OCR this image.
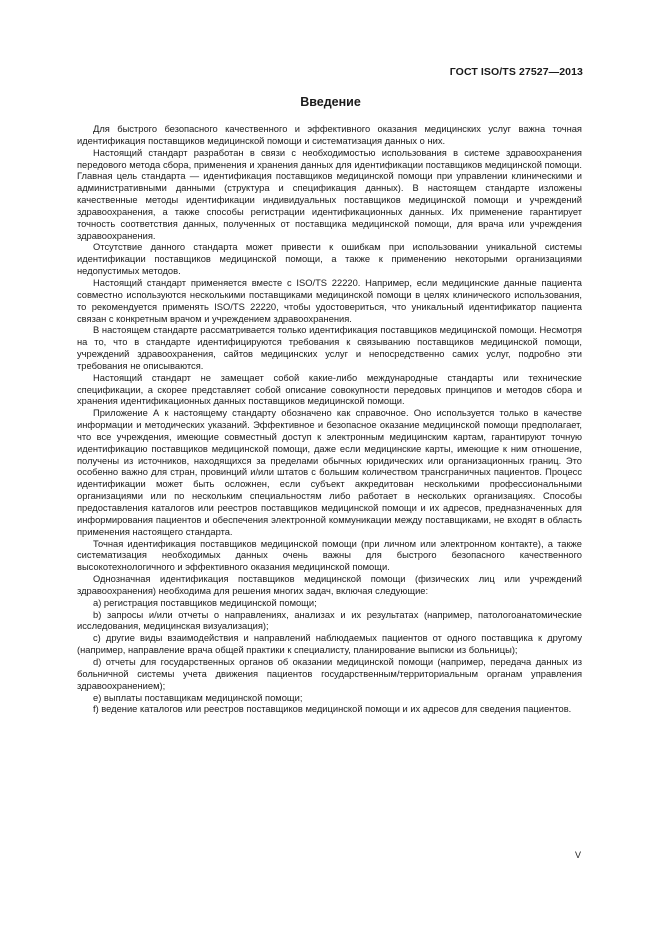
ГОСТ ISO/TS 27527—2013
Введение

Для быстрого безопасного качественного и эффективного оказания медицинских услуг важна точная идентификация поставщиков медицинской помощи и систематизация данных о них.

Настоящий стандарт разработан в связи с необходимостью использования в системе здравоохранения передового метода сбора, применения и хранения данных для идентификации поставщиков медицинской помощи. Главная цель стандарта — идентификация поставщиков медицинской помощи при управлении клиническими и административными данными (структура и спецификация данных). В настоящем стандарте изложены качественные методы идентификации индивидуальных поставщиков медицинской помощи и учреждений здравоохранения, а также способы регистрации идентификационных данных. Их применение гарантирует точность соответствия данных, полученных от поставщика медицинской помощи, для врача или учреждения здравоохранения.

Отсутствие данного стандарта может привести к ошибкам при использовании уникальной системы идентификации поставщиков медицинской помощи, а также к применению некоторыми организациями недопустимых методов.

Настоящий стандарт применяется вместе с ISO/TS 22220. Например, если медицинские данные пациента совместно используются несколькими поставщиками медицинской помощи в целях клинического использования, то рекомендуется применять ISO/TS 22220, чтобы удостовериться, что уникальный идентификатор пациента связан с конкретным врачом и учреждением здравоохранения.

В настоящем стандарте рассматривается только идентификация поставщиков медицинской помощи. Несмотря на то, что в стандарте идентифицируются требования к связыванию поставщиков медицинской помощи, учреждений здравоохранения, сайтов медицинских услуг и непосредственно самих услуг, подробно эти требования не описываются.

Настоящий стандарт не замещает собой какие-либо международные стандарты или технические спецификации, а скорее представляет собой описание совокупности передовых принципов и методов сбора и хранения идентификационных данных поставщиков медицинской помощи.

Приложение А к настоящему стандарту обозначено как справочное. Оно используется только в качестве информации и методических указаний. Эффективное и безопасное оказание медицинской помощи предполагает, что все учреждения, имеющие совместный доступ к электронным медицинским картам, гарантируют точную идентификацию поставщиков медицинской помощи, даже если медицинские карты, имеющие к ним отношение, получены из источников, находящихся за пределами обычных юридических или организационных границ. Это особенно важно для стран, провинций и/или штатов с большим количеством трансграничных пациентов. Процесс идентификации может быть осложнен, если субъект аккредитован несколькими профессиональными организациями или по нескольким специальностям либо работает в нескольких организациях. Способы предоставления каталогов или реестров поставщиков медицинской помощи и их адресов, предназначенных для информирования пациентов и обеспечения электронной коммуникации между поставщиками, не входят в область применения настоящего стандарта.

Точная идентификация поставщиков медицинской помощи (при личном или электронном контакте), а также систематизация необходимых данных очень важны для быстрого безопасного качественного высокотехнологичного и эффективного оказания медицинской помощи.

Однозначная идентификация поставщиков медицинской помощи (физических лиц или учреждений здравоохранения) необходима для решения многих задач, включая следующие:

а) регистрация поставщиков медицинской помощи;

b) запросы и/или отчеты о направлениях, анализах и их результатах (например, патологоанатомические исследования, медицинская визуализация);

с) другие виды взаимодействия и направлений наблюдаемых пациентов от одного поставщика к другому (например, направление врача общей практики к специалисту, планирование выписки из больницы);

d) отчеты для государственных органов об оказании медицинской помощи (например, передача данных из больничной системы учета движения пациентов государственным/территориальным органам управления здравоохранением);

е) выплаты поставщикам медицинской помощи;

f) ведение каталогов или реестров поставщиков медицинской помощи и их адресов для сведения пациентов.

V
